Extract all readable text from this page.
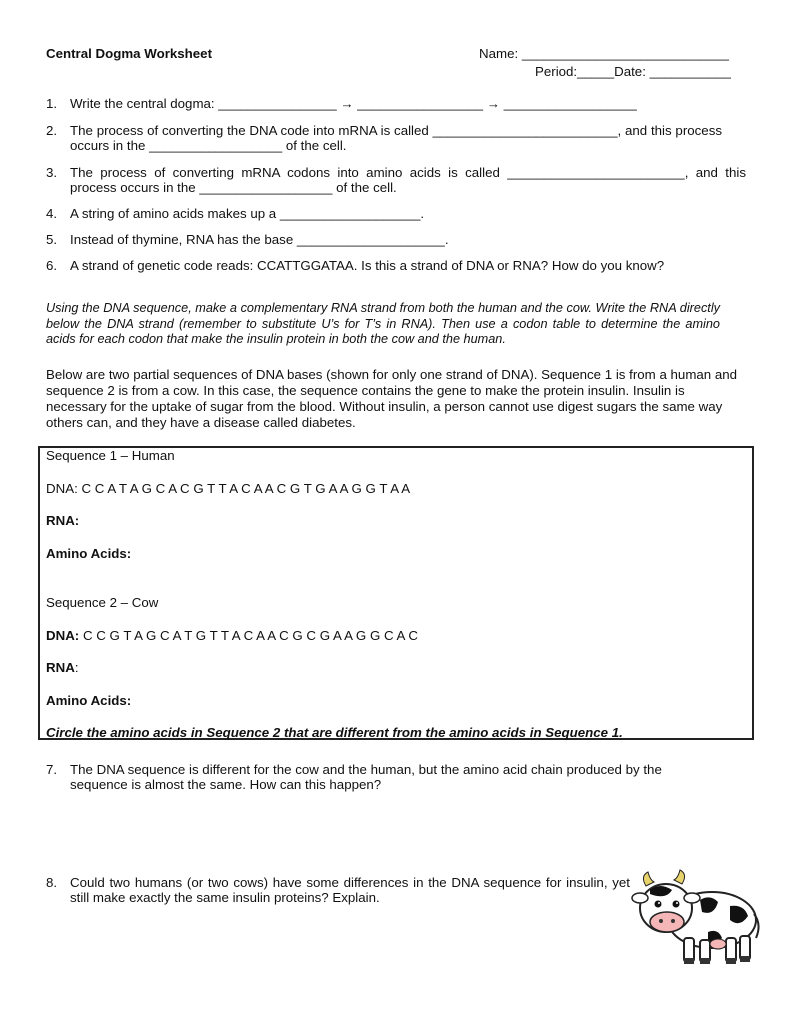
Central Dogma Worksheet	Name: ____________________________
Period:_____Date: ___________
1. Write the central dogma: ________________ → _________________ → __________________
2. The process of converting the DNA code into mRNA is called _________________________, and this process occurs in the __________________ of the cell.
3. The process of converting mRNA codons into amino acids is called ________________________, and this process occurs in the __________________ of the cell.
4. A string of amino acids makes up a ___________________.
5. Instead of thymine, RNA has the base ____________________.
6. A strand of genetic code reads: CCATTGGATAA. Is this a strand of DNA or RNA? How do you know?
Using the DNA sequence, make a complementary RNA strand from both the human and the cow. Write the RNA directly below the DNA strand (remember to substitute U’s for T’s in RNA). Then use a codon table to determine the amino acids for each codon that make the insulin protein in both the cow and the human.
Below are two partial sequences of DNA bases (shown for only one strand of DNA). Sequence 1 is from a human and sequence 2 is from a cow. In this case, the sequence contains the gene to make the protein insulin. Insulin is necessary for the uptake of sugar from the blood. Without insulin, a person cannot use digest sugars the same way others can, and they have a disease called diabetes.
Sequence 1 – Human
DNA: C C A T A G C A C G T T A C A A C G T G A A G G T A A
RNA:
Amino Acids:
Sequence 2 – Cow
DNA: C C G T A G C A T G T T A C A A C G C G A A G G C A C
RNA:
Amino Acids:
Circle the amino acids in Sequence 2 that are different from the amino acids in Sequence 1.
7. The DNA sequence is different for the cow and the human, but the amino acid chain produced by the sequence is almost the same. How can this happen?
8. Could two humans (or two cows) have some differences in the DNA sequence for insulin, yet still make exactly the same insulin proteins? Explain.
